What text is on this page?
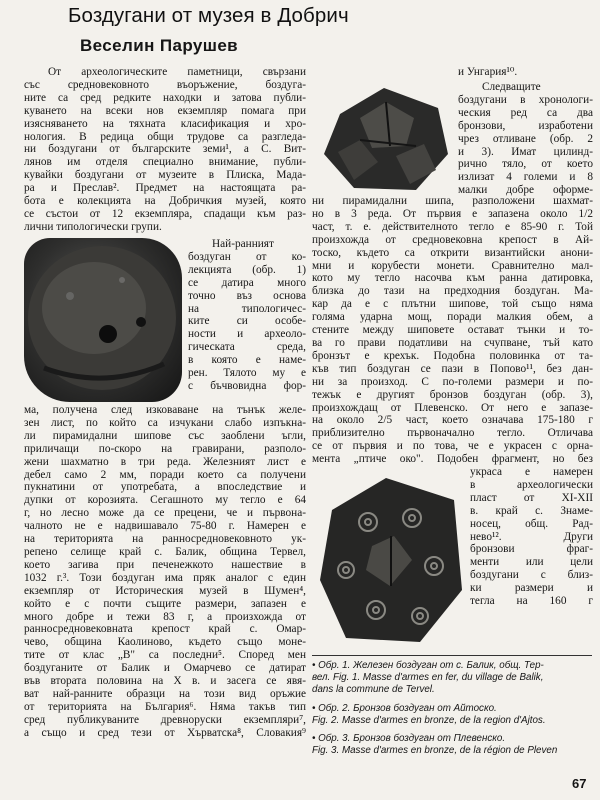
Боздугани от музея в Добрич
Веселин Парушев
От археологическите паметници, свързани
със средновековното въоръжение, боздуга-
ните са сред редките находки и затова публи-
куването на всеки нов екземпляр помага при
изясняването на тяхната класификация и хро-
нология. В редица общи трудове са разгледа-
ни боздугани от българските земи¹, а С. Вит-
лянов им отделя специално внимание, публи-
кувайки боздугани от музеите в Плиска, Мада-
ра и Преслав². Предмет на настоящата ра-
бота е колекцията на Добричкия музей, която
се състои от 12 екземпляра, спадащи към раз-
лични типологически групи.
Най-ранният
боздуган от ко-
лекцията (обр. 1)
се датира много
точно въз основа
на типологичес-
ките си особе-
ности и археоло-
гическата среда,
в която е наме-
рен. Тялото му е
с бъчвовидна фор-
ма, получена след изковаване на тънък желе-
зен лист, по който са изчукани слабо изпъкна-
ли пирамидални шипове със заоблени ъгли,
приличащи по-скоро на гравирани, разполо-
жени шахматно в три реда. Железният лист е
дебел само 2 мм, поради което са получени
пукнатини от употребата, а впоследствие и
дупки от корозията. Сегашното му тегло е 64
г, но лесно може да се прецени, че и първона-
чалното не е надвишавало 75-80 г. Намерен е
на територията на ранносредновековното ук-
репено селище край с. Балик, община Тервел,
което загива при печенежкото нашествие в
1032 г.³. Този боздуган има пряк аналог с един
екземпляр от Историческия музей в Шумен⁴,
който е с почти същите размери, запазен е
много добре и тежи 83 г, а произхожда от
ранносредновековната крепост край с. Омар-
чево, община Каолиново, където също моне-
тите от клас „В" са последни⁵. Според мен
боздуганите от Балик и Омарчево се датират
във втората половина на X в. и засега се явя-
ват най-ранните образци на този вид оръжие
от територията на България⁶. Няма такъв тип
сред публикуваните древноруски екземпляри⁷,
а също и сред тези от Хърватска⁸, Словакия⁹
и Унгария¹⁰.
Следващите
боздугани в хронологи-
ческия ред са два
бронзови, изработени
чрез отливане (обр. 2
и 3). Имат цилинд-
рично тяло, от което
излизат 4 големи и 8
малки добре оформе-
ни пирамидални шипа, разположени шахмат-
но в 3 реда. От първия е запазена около 1/2
част, т. е. действителното тегло е 85-90 г. Той
произхожда от средновековна крепост в Ай-
тоско, където са открити византийски анони-
мни и корубести монети. Сравнително мал-
кото му тегло насочва към ранна датировка,
близка до тази на предходния боздуган. Ма-
кар да е с плътни шипове, той също няма
голяма ударна мощ, поради малкия обем, а
стените между шиповете остават тънки и то-
ва го прави податливи на счупване, тъй като
бронзът е крехък. Подобна половинка от та-
къв тип боздуган се пази в Попово¹¹, без дан-
ни за произход. С по-големи размери и по-
тежък е другият бронзов боздуган (обр. 3),
произхождащ от Плевенско. От него е запазе-
на около 2/5 част, което означава 175-180 г
приблизително първоначално тегло. Отличава
се от първия и по това, че е украсен с орна-
мента „птиче око". Подобен фрагмент, но без
украса е намерен
в археологически
пласт от XI-XII
в. край с. Знаме-
носец, общ. Рад-
нево¹². Други
бронзови фраг-
менти или цели
боздугани с близ-
ки размери и
тегла на 160 г
• Обр. 1. Железен боздуган от с. Балик, общ. Тер-
вел. Fig. 1. Masse d'armes en fer, du village de Balik,
dans la commune de Tervel.
• Обр. 2. Бронзов боздуган от Айтоско.
Fig. 2. Masse d'armes en bronze, de la region d'Ajtos.
• Обр. 3. Бронзов боздуган от Плевенско.
Fig. 3. Masse d'armes en bronze, de la région de Pleven
67
